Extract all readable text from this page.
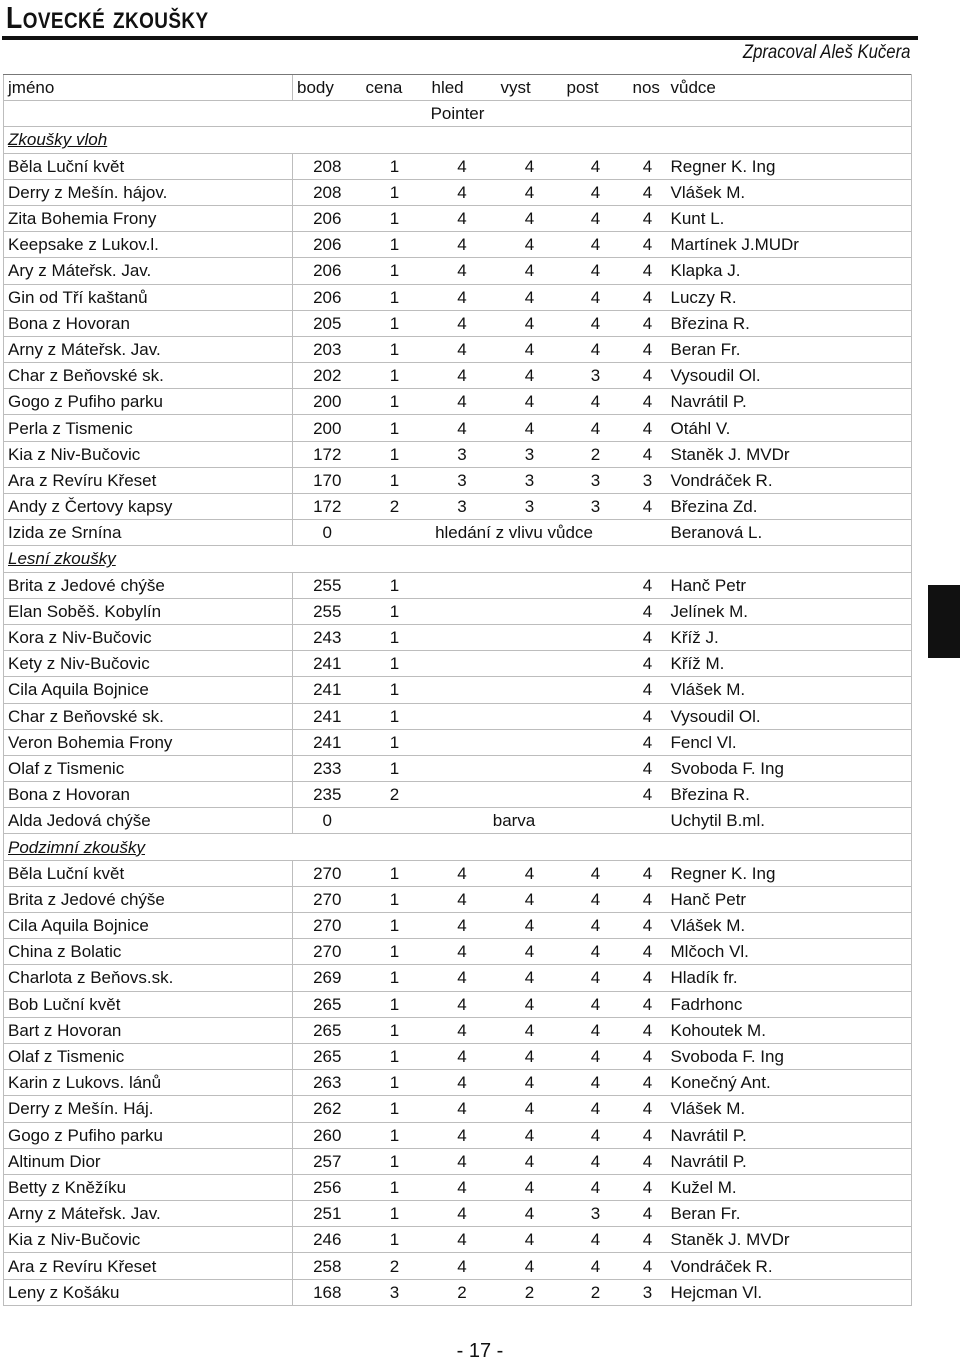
Lovecké zkoušky
Zpracoval Aleš Kučera
jméno	body	cena	hled	vyst	post	nos	vůdce
Pointer							
Zkoušky vloh							
Běla Luční květ	208	1	4	4	4	4	Regner K. Ing
Derry z Mešín. hájov.	208	1	4	4	4	4	Vlášek M.
Zita Bohemia Frony	206	1	4	4	4	4	Kunt L.
Keepsake z Lukov.l.	206	1	4	4	4	4	Martínek J.MUDr
Ary z Mátеřsk. Jav.	206	1	4	4	4	4	Klapka J.
Gin od Tří kaštanů	206	1	4	4	4	4	Luczy R.
Bona z Hovoran	205	1	4	4	4	4	Březina R.
Arny z Mátеřsk. Jav.	203	1	4	4	4	4	Beran Fr.
Char z Beňovské sk.	202	1	4	4	3	4	Vysoudil Ol.
Gogo z Pufiho parku	200	1	4	4	4	4	Navrátil P.
Perla z Tismenic	200	1	4	4	4	4	Otáhl V.
Kia z Niv-Bučovic	172	1	3	3	2	4	Staněk J. MVDr
Ara z Revíru Křeset	170	1	3	3	3	3	Vondráček R.
Andy z Čertovy kapsy	172	2	3	3	3	4	Březina Zd.
Izida ze Srnína	0	hledání z vlivu vůdce					Beranová L.
Lesní zkoušky							
Brita z Jedové chýše	255	1				4	Hanč Petr
Elan Soběš. Kobylín	255	1				4	Jelínek M.
Kora z Niv-Bučovic	243	1				4	Kříž J.
Kety z Niv-Bučovic	241	1				4	Kříž M.
Cila Aquila Bojnice	241	1				4	Vlášek M.
Char z Beňovské sk.	241	1				4	Vysoudil Ol.
Veron Bohemia Frony	241	1				4	Fencl Vl.
Olaf z Tismenic	233	1				4	Svoboda F. Ing
Bona z Hovoran	235	2				4	Březina R.
Alda Jedová chýše	0	barva					Uchytil B.ml.
Podzimní zkoušky							
Běla Luční květ	270	1	4	4	4	4	Regner K. Ing
Brita z Jedové chýše	270	1	4	4	4	4	Hanč Petr
Cila Aquila Bojnice	270	1	4	4	4	4	Vlášek M.
China z Bolatic	270	1	4	4	4	4	Mlčoch Vl.
Charlota z Beňovs.sk.	269	1	4	4	4	4	Hladík fr.
Bob Luční květ	265	1	4	4	4	4	Fadrhonc
Bart z Hovoran	265	1	4	4	4	4	Kohoutek M.
Olaf z Tismenic	265	1	4	4	4	4	Svoboda F. Ing
Karin z Lukovs. lánů	263	1	4	4	4	4	Konečný Ant.
Derry z Mešín. Háj.	262	1	4	4	4	4	Vlášek M.
Gogo z Pufiho parku	260	1	4	4	4	4	Navrátil P.
Altinum Dior	257	1	4	4	4	4	Navrátil P.
Betty z Kněžíku	256	1	4	4	4	4	Kužel M.
Arny z Mátеřsk. Jav.	251	1	4	4	3	4	Beran Fr.
Kia z Niv-Bučovic	246	1	4	4	4	4	Staněk J. MVDr
Ara z Revíru Křeset	258	2	4	4	4	4	Vondráček R.
Leny z Košáku	168	3	2	2	2	3	Hejcman Vl.
- 17 -
